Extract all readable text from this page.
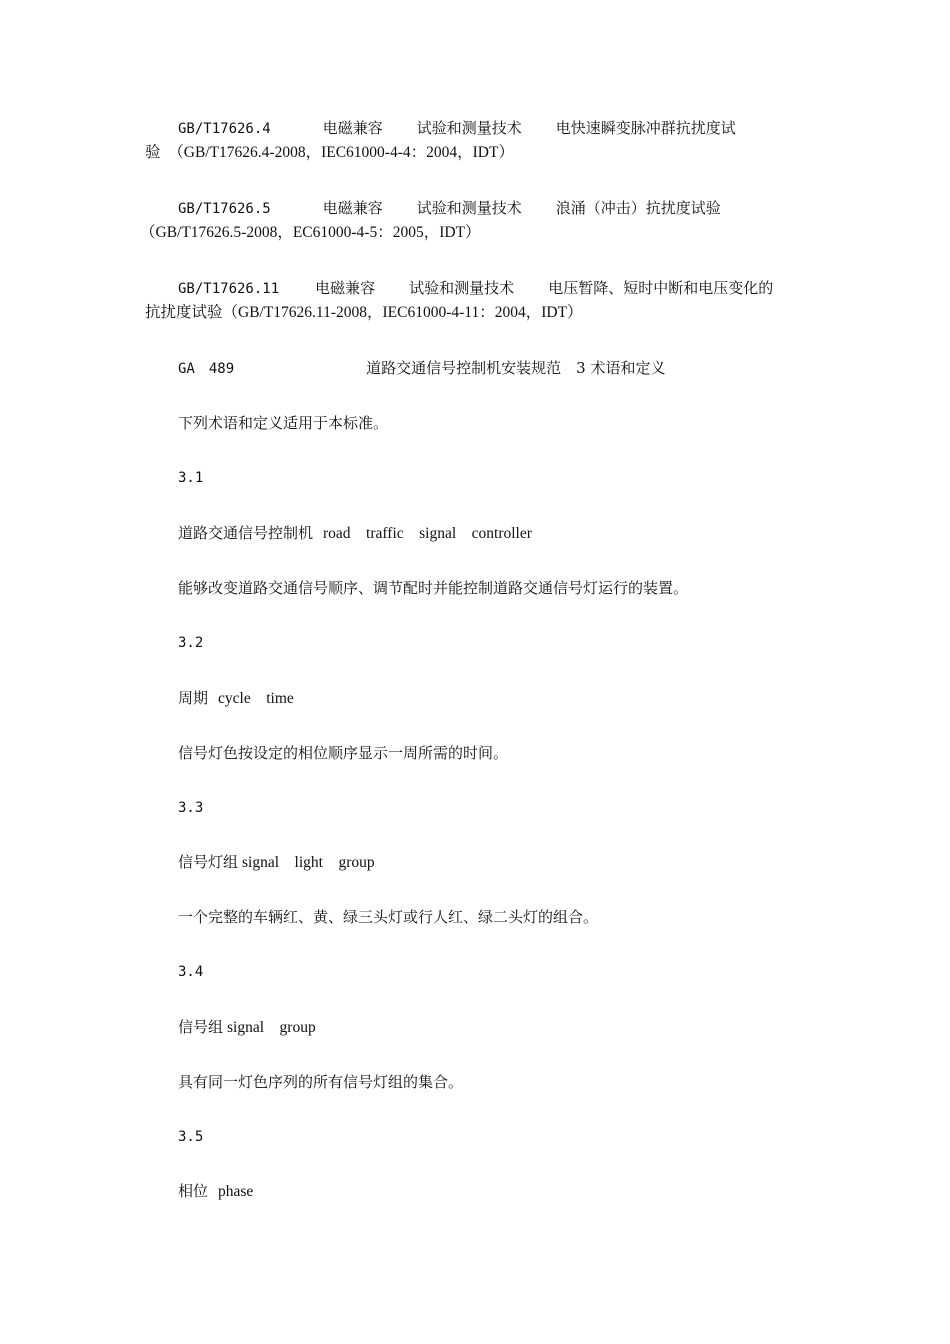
GB/T17626.4	电磁兼容 试验和测量技术 电快速瞬变脉冲群抗扰度试
验　（GB/T17626.4-2008，IEC61000-4-4：2004，IDT）
GB/T17626.5	电磁兼容 试验和测量技术 浪涌（冲击）抗扰度试验
（GB/T17626.5-2008，EC61000-4-5：2005，IDT）
GB/T17626.11 电磁兼容 试验和测量技术 电压暂降、短时中断和电压变化的
抗扰度试验（GB/T17626.11-2008，IEC61000-4-11：2004，IDT）
GA　489	道路交通信号控制机安装规范　3 术语和定义
下列术语和定义适用于本标准。
3.1
道路交通信号控制机 road　traffic　signal　controller
能够改变道路交通信号顺序、调节配时并能控制道路交通信号灯运行的装置。
3.2
周期 cycle　time
信号灯色按设定的相位顺序显示一周所需的时间。
3.3
信号灯组 signal　light　group
一个完整的车辆红、黄、绿三头灯或行人红、绿二头灯的组合。
3.4
信号组 signal　group
具有同一灯色序列的所有信号灯组的集合。
3.5
相位 phase
